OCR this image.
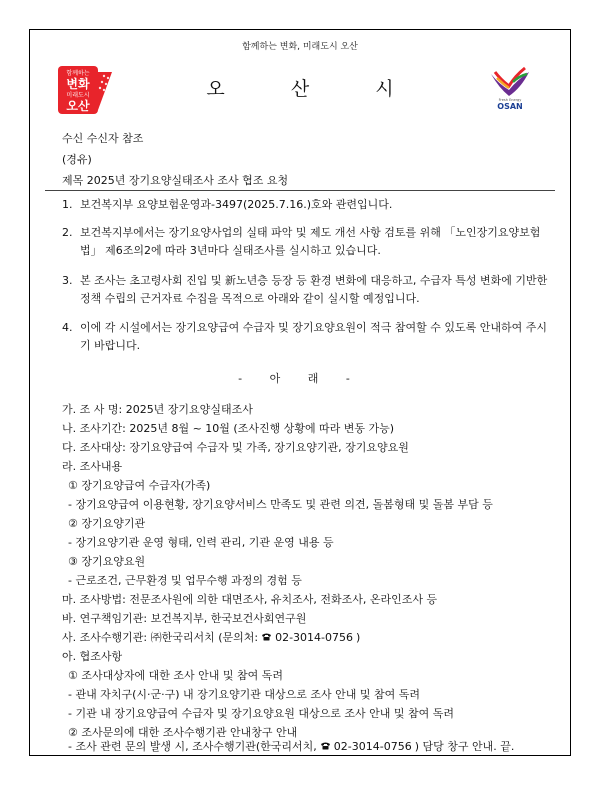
함께하는 변화, 미래도시 오산
함께하는
변화
미래도시
오산
오 산 시	Fresh Energy
OSAN
수신 수신자 참조
(경유)
제목 2025년 장기요양실태조사 조사 협조 요청
1. 보건복지부 요양보험운영과-3497(2025.7.16.)호와 관련입니다.
2. 보건복지부에서는 장기요양사업의 실태 파악 및 제도 개선 사항 검토를 위해 「노인장기요양보험법」 제6조의2에 따라 3년마다 실태조사를 실시하고 있습니다.
3. 본 조사는 초고령사회 진입 및 新노년층 등장 등 환경 변화에 대응하고, 수급자 특성 변화에 기반한 정책 수립의 근거자료 수집을 목적으로 아래와 같이 실시할 예정입니다.
4. 이에 각 시설에서는 장기요양급여 수급자 및 장기요양요원이 적극 참여할 수 있도록 안내하여 주시기 바랍니다.
- 아 래 -
가. 조 사 명: 2025년 장기요양실태조사
나. 조사기간: 2025년 8월 ~ 10월 (조사진행 상황에 따라 변동 가능)
다. 조사대상: 장기요양급여 수급자 및 가족, 장기요양기관, 장기요양요원
라. 조사내용
① 장기요양급여 수급자(가족)
- 장기요양급여 이용현황, 장기요양서비스 만족도 및 관련 의견, 돌봄형태 및 돌봄 부담 등
② 장기요양기관
- 장기요양기관 운영 형태, 인력 관리, 기관 운영 내용 등
③ 장기요양요원
- 근로조건, 근무환경 및 업무수행 과정의 경험 등
마. 조사방법: 전문조사원에 의한 대면조사, 유치조사, 전화조사, 온라인조사 등
바. 연구책임기관: 보건복지부, 한국보건사회연구원
사. 조사수행기관: ㈜한국리서치 (문의처: 02-3014-0756 )
아. 협조사항
① 조사대상자에 대한 조사 안내 및 참여 독려
- 관내 자치구(시·군·구) 내 장기요양기관 대상으로 조사 안내 및 참여 독려
- 기관 내 장기요양급여 수급자 및 장기요양요원 대상으로 조사 안내 및 참여 독려
② 조사문의에 대한 조사수행기관 안내창구 안내
- 조사 관련 문의 발생 시, 조사수행기관(한국리서치, 02-3014-0756 ) 담당 창구 안내. 끝.
